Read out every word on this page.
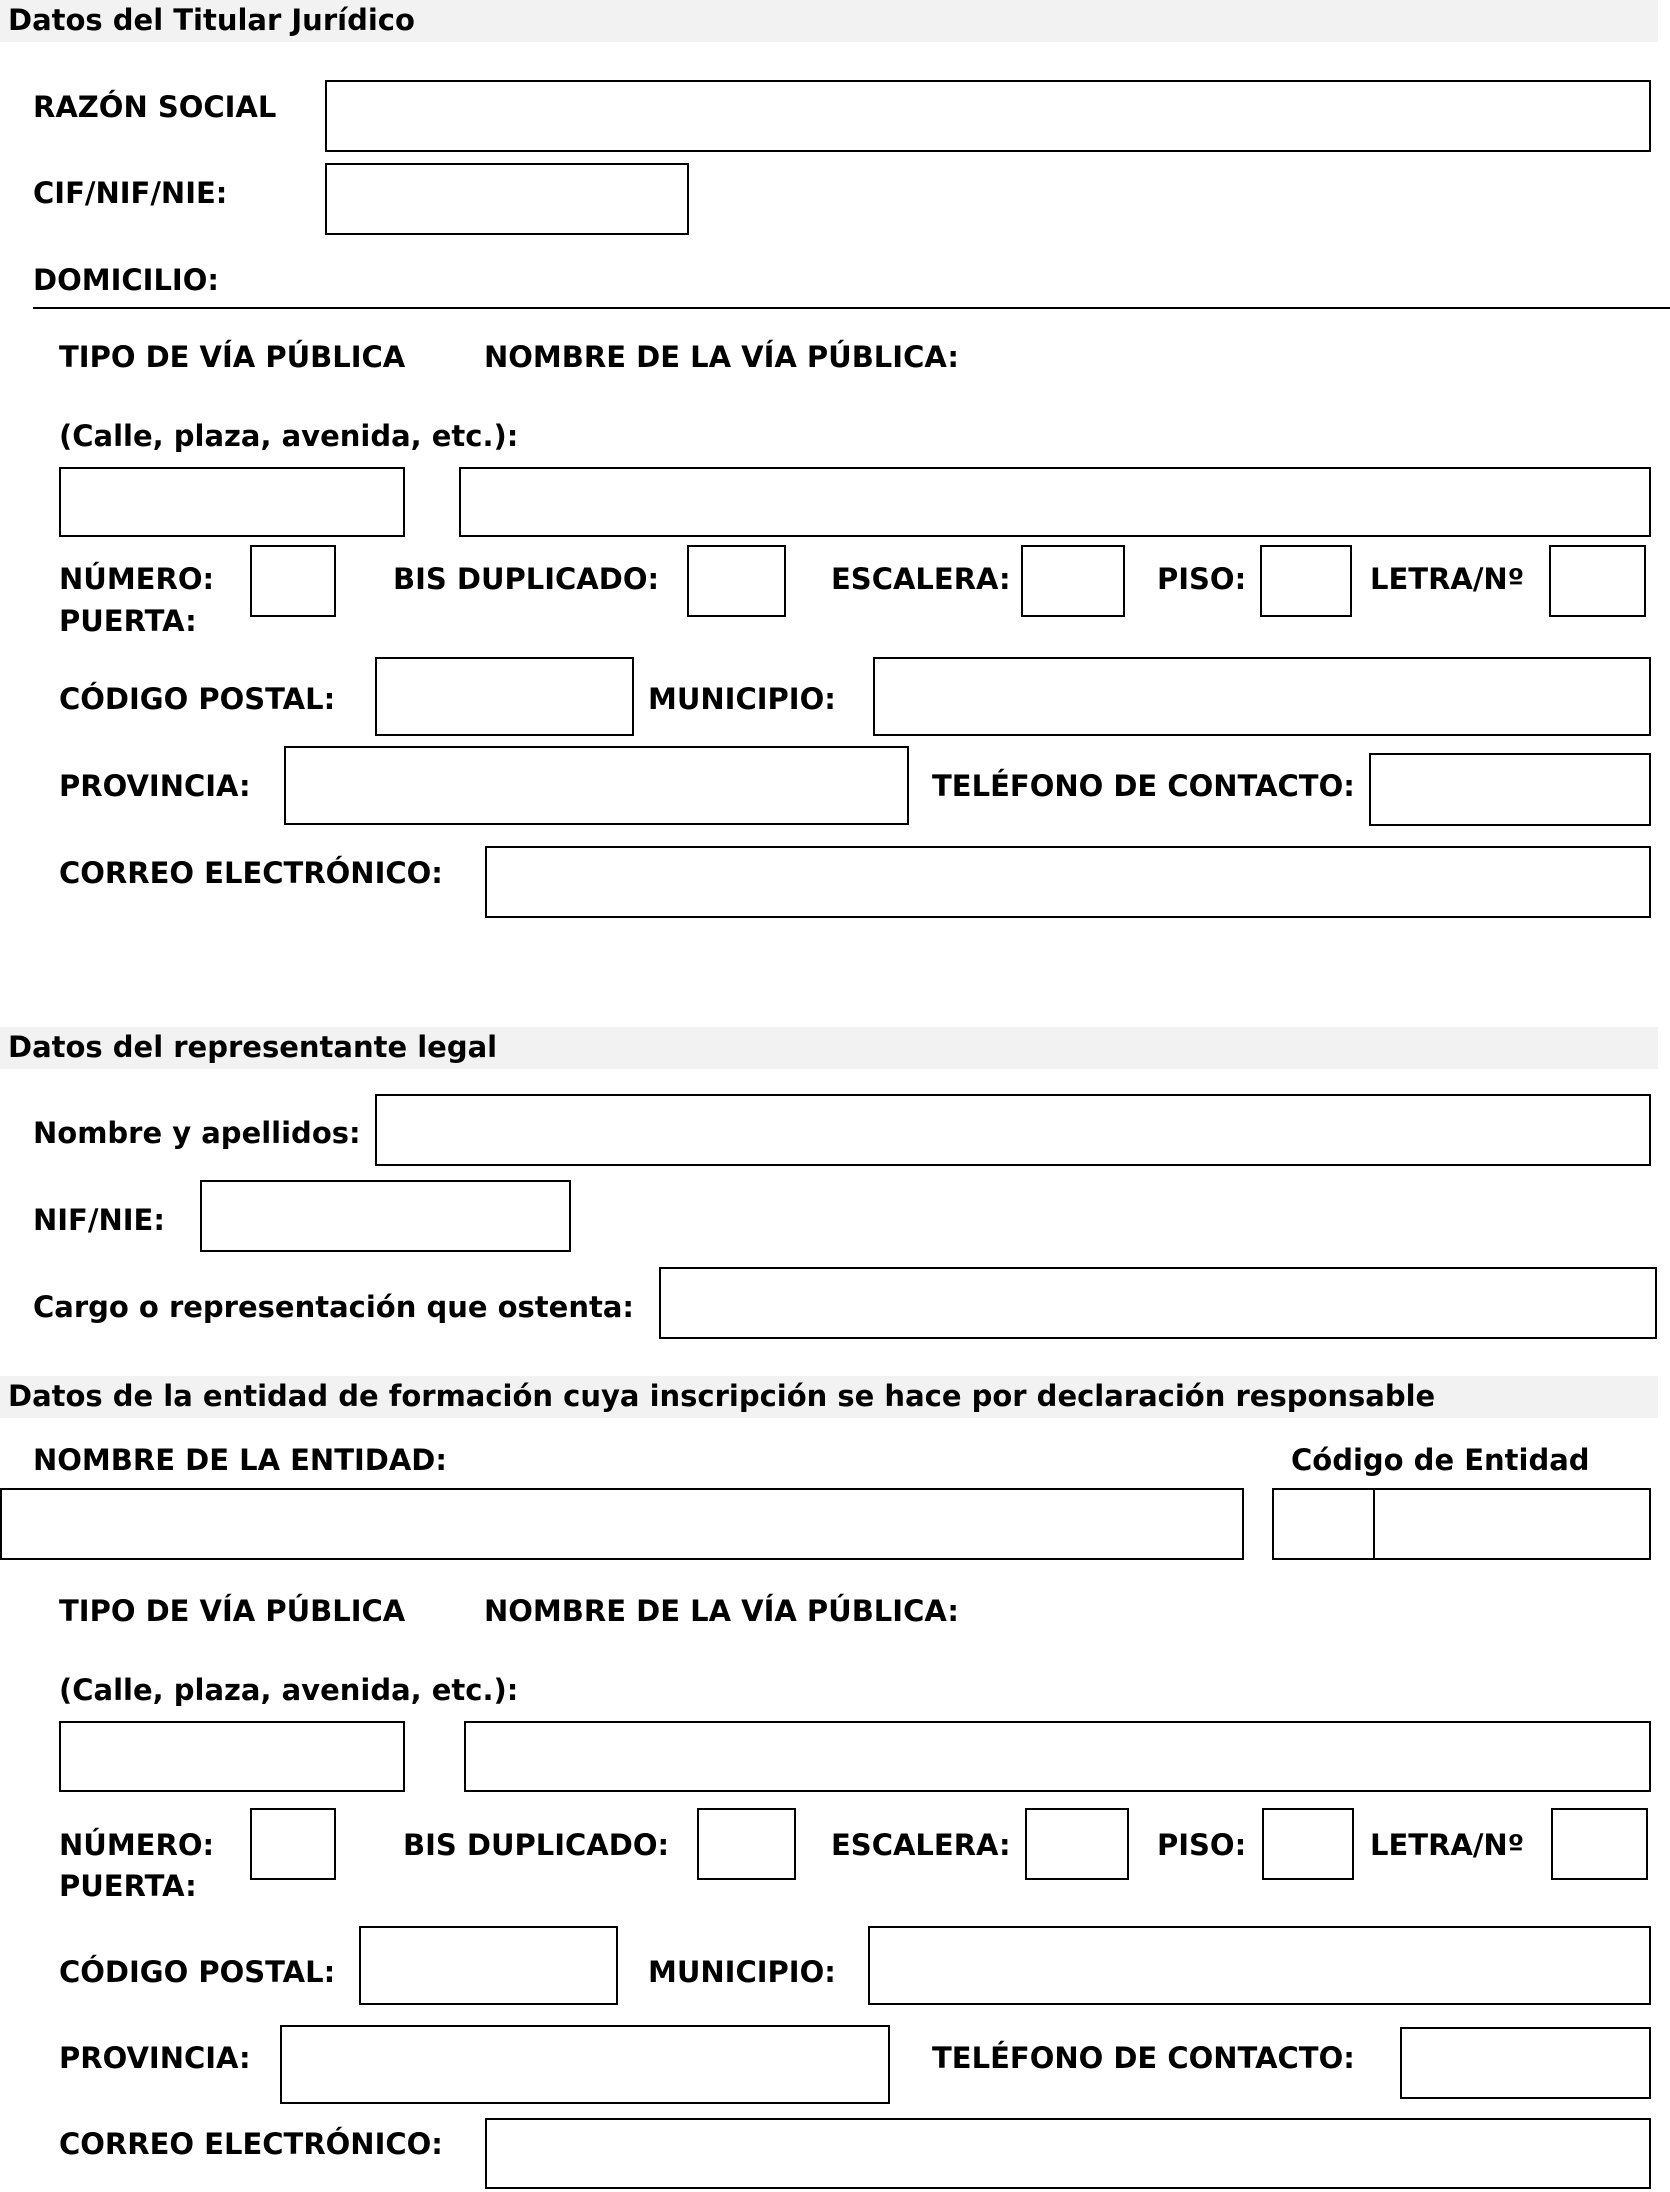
Datos del Titular Jurídico
RAZÓN SOCIAL
CIF/NIF/NIE:
DOMICILIO:
TIPO DE VÍA PÚBLICA	NOMBRE DE LA VÍA PÚBLICA:
(Calle, plaza, avenida, etc.):
NÚMERO:
PUERTA:
BIS DUPLICADO:	ESCALERA:	PISO:	LETRA/Nº
CÓDIGO POSTAL:	MUNICIPIO:
PROVINCIA:	TELÉFONO DE CONTACTO:
CORREO ELECTRÓNICO:
Datos del representante legal
Nombre y apellidos:
NIF/NIE:
Cargo o representación que ostenta:
Datos de la entidad de formación cuya inscripción se hace por declaración responsable
NOMBRE DE LA ENTIDAD:	Código de Entidad
TIPO DE VÍA PÚBLICA	NOMBRE DE LA VÍA PÚBLICA:
(Calle, plaza, avenida, etc.):
NÚMERO:
PUERTA:
BIS DUPLICADO:	ESCALERA:	PISO:	LETRA/Nº
CÓDIGO POSTAL:	MUNICIPIO:
PROVINCIA:	TELÉFONO DE CONTACTO:
CORREO ELECTRÓNICO:
